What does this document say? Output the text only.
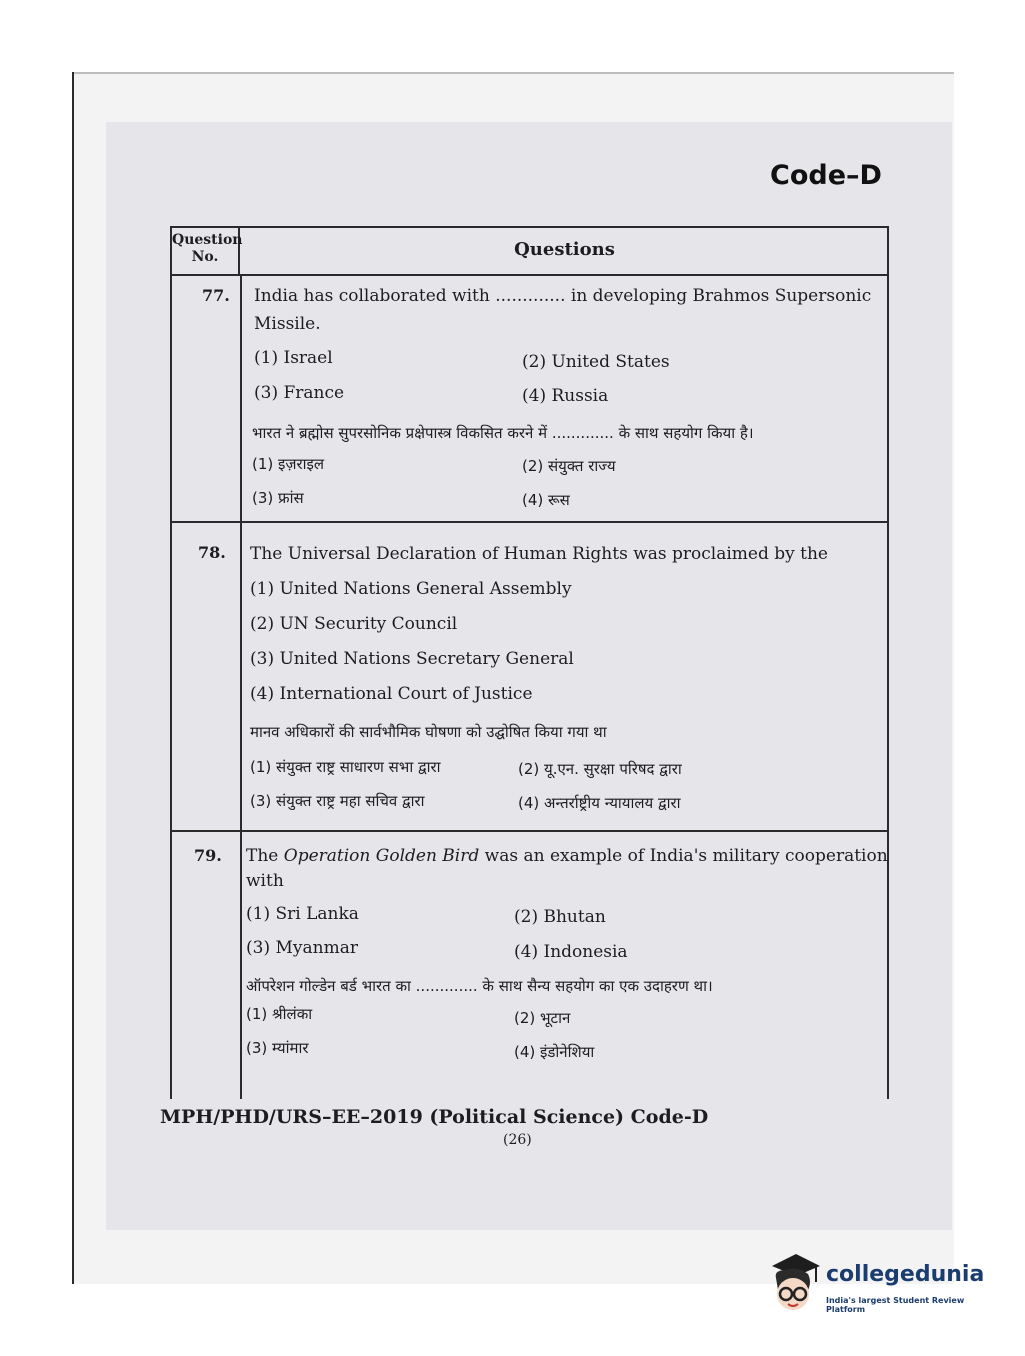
Code–D
Question No.	Questions
77. India has collaborated with ............. in developing Brahmos Supersonic
Missile.
(1) Israel	(2) United States
(3) France	(4) Russia
भारत ने ब्रह्मोस सुपरसोनिक प्रक्षेपास्त्र विकसित करने में ............. के साथ सहयोग किया है।
(1) इज़राइल	(2) संयुक्त राज्य
(3) फ्रांस	(4) रूस
78. The Universal Declaration of Human Rights was proclaimed by the
(1) United Nations General Assembly
(2) UN Security Council
(3) United Nations Secretary General
(4) International Court of Justice
मानव अधिकारों की सार्वभौमिक घोषणा को उद्घोषित किया गया था
(1) संयुक्त राष्ट्र साधारण सभा द्वारा	(2) यू.एन. सुरक्षा परिषद द्वारा
(3) संयुक्त राष्ट्र महा सचिव द्वारा	(4) अन्तर्राष्ट्रीय न्यायालय द्वारा
79. The Operation Golden Bird was an example of India's military cooperation
with
(1) Sri Lanka	(2) Bhutan
(3) Myanmar	(4) Indonesia
ऑपरेशन गोल्डेन बर्ड भारत का ............. के साथ सैन्य सहयोग का एक उदाहरण था।
(1) श्रीलंका	(2) भूटान
(3) म्यांमार	(4) इंडोनेशिया
MPH/PHD/URS–EE–2019 (Political Science) Code-D
(26)
collegedunia
India's largest Student Review Platform
